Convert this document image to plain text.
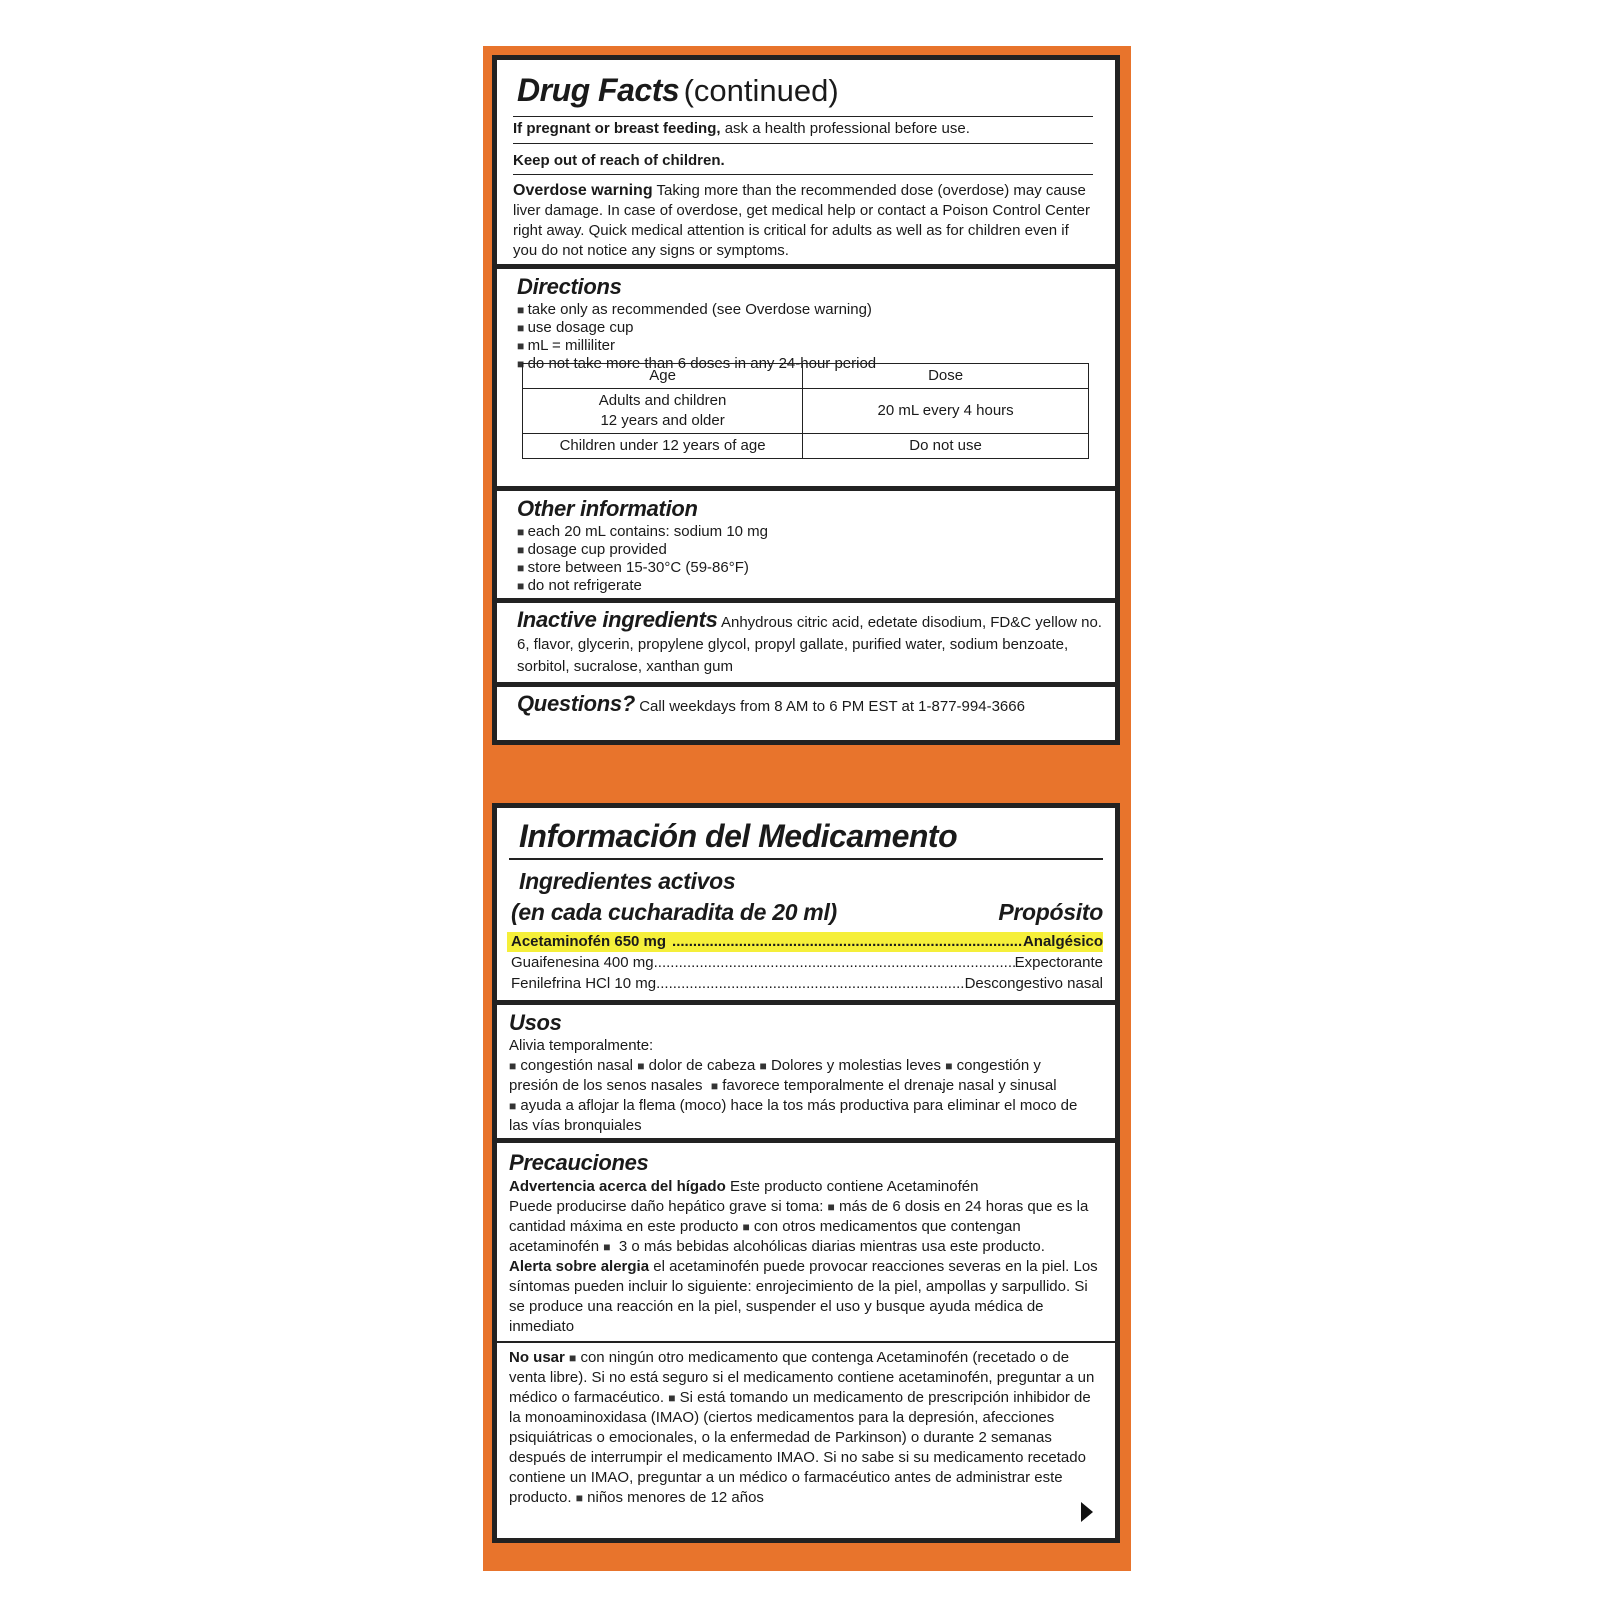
Drug Facts (continued)
If pregnant or breast feeding, ask a health professional before use.
Keep out of reach of children.
Overdose warning Taking more than the recommended dose (overdose) may cause
liver damage. In case of overdose, get medical help or contact a Poison Control Center
right away. Quick medical attention is critical for adults as well as for children even if
you do not notice any signs or symptoms.
Directions
■ take only as recommended (see Overdose warning)
■ use dosage cup
■ mL = milliliter
■ do not take more than 6 doses in any 24-hour period
Age	Dose
Adults and children
12 years and older	20 mL every 4 hours
Children under 12 years of age	Do not use
Other information
■ each 20 mL contains: sodium 10 mg
■ dosage cup provided
■ store between 15-30°C (59-86°F)
■ do not refrigerate
Inactive ingredients Anhydrous citric acid, edetate disodium, FD&C yellow no.
6, flavor, glycerin, propylene glycol, propyl gallate, purified water, sodium benzoate,
sorbitol, sucralose, xanthan gum
Questions? Call weekdays from 8 AM to 6 PM EST at 1-877-994-3666
Información del Medicamento
Ingredientes activos
(en cada cucharadita de 20 ml)	Propósito
Acetaminofén 650 mg .....	Analgésico
Guaifenesina 400 mg .....	Expectorante
Fenilefrina HCl 10 mg .....	Descongestivo nasal
Usos
Alivia temporalmente:
■ congestión nasal ■ dolor de cabeza ■ Dolores y molestias leves ■ congestión y
presión de los senos nasales ■ favorece temporalmente el drenaje nasal y sinusal
■ ayuda a aflojar la flema (moco) hace la tos más productiva para eliminar el moco de
las vías bronquiales
Precauciones
Advertencia acerca del hígado Este producto contiene Acetaminofén
Puede producirse daño hepático grave si toma: ■ más de 6 dosis en 24 horas que es la
cantidad máxima en este producto ■ con otros medicamentos que contengan
acetaminofén ■ 3 o más bebidas alcohólicas diarias mientras usa este producto.
Alerta sobre alergia el acetaminofén puede provocar reacciones severas en la piel. Los
síntomas pueden incluir lo siguiente: enrojecimiento de la piel, ampollas y sarpullido. Si
se produce una reacción en la piel, suspender el uso y busque ayuda médica de
inmediato
No usar ■ con ningún otro medicamento que contenga Acetaminofén (recetado o de
venta libre). Si no está seguro si el medicamento contiene acetaminofén, preguntar a un
médico o farmacéutico. ■ Si está tomando un medicamento de prescripción inhibidor de
la monoaminoxidasa (IMAO) (ciertos medicamentos para la depresión, afecciones
psiquiátricas o emocionales, o la enfermedad de Parkinson) o durante 2 semanas
después de interrumpir el medicamento IMAO. Si no sabe si su medicamento recetado
contiene un IMAO, preguntar a un médico o farmacéutico antes de administrar este
producto. ■ niños menores de 12 años
